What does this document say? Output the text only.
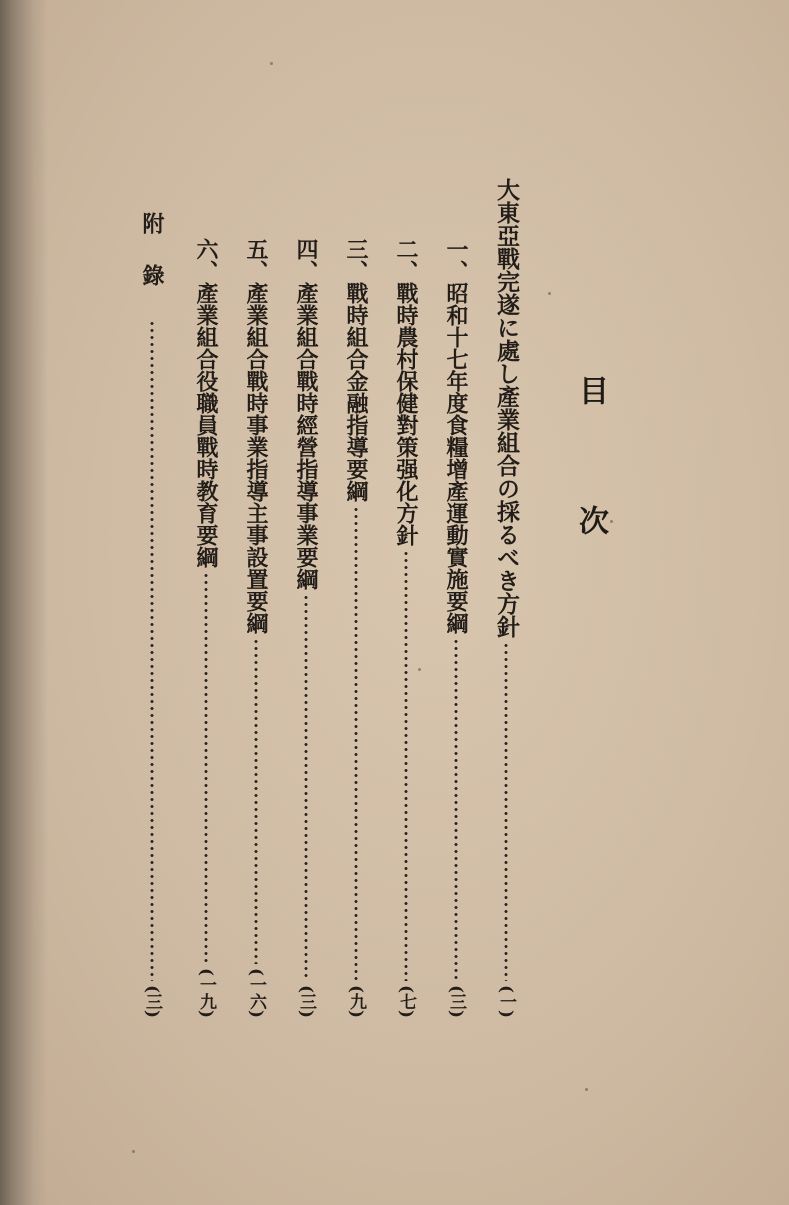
目次
大東亞戰完遂に處し產業組合の採るべき方針
(一)
一、昭和十七年度食糧增產運動實施要綱
(三)
二、戰時農村保健對策强化方針
(七)
三、戰時組合金融指導要綱
(九)
四、產業組合戰時經營指導事業要綱
(三)
五、產業組合戰時事業指導主事設置要綱
(一六)
六、產業組合役職員戰時教育要綱
(一九)
附錄
(三)
